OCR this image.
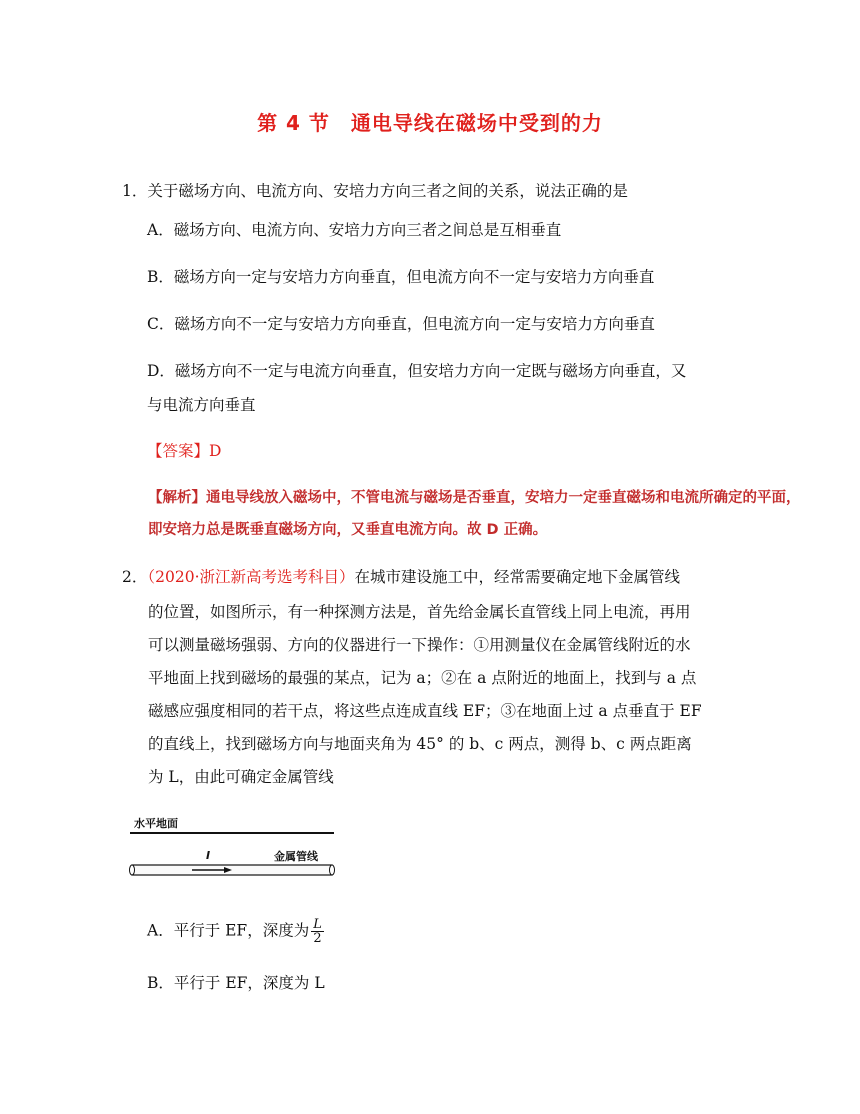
第 4 节　通电导线在磁场中受到的力
1．关于磁场方向、电流方向、安培力方向三者之间的关系，说法正确的是
A．磁场方向、电流方向、安培力方向三者之间总是互相垂直
B．磁场方向一定与安培力方向垂直，但电流方向不一定与安培力方向垂直
C．磁场方向不一定与安培力方向垂直，但电流方向一定与安培力方向垂直
D．磁场方向不一定与电流方向垂直，但安培力方向一定既与磁场方向垂直，又
与电流方向垂直
【答案】D
【解析】通电导线放入磁场中，不管电流与磁场是否垂直，安培力一定垂直磁场和电流所确定的平面，
即安培力总是既垂直磁场方向，又垂直电流方向。故 D 正确。
2．（2020·浙江新高考选考科目）在城市建设施工中，经常需要确定地下金属管线
的位置，如图所示，有一种探测方法是，首先给金属长直管线上同上电流，再用
可以测量磁场强弱、方向的仪器进行一下操作：①用测量仪在金属管线附近的水
平地面上找到磁场的最强的某点，记为 a；②在 a 点附近的地面上，找到与 a 点
磁感应强度相同的若干点，将这些点连成直线 EF；③在地面上过 a 点垂直于 EF
的直线上，找到磁场方向与地面夹角为 45° 的 b、c 两点，测得 b、c 两点距离
为 L，由此可确定金属管线
水平地面
I	金属管线
A．平行于 EF，深度为 $\frac{L}{2}$
B．平行于 EF，深度为 L
